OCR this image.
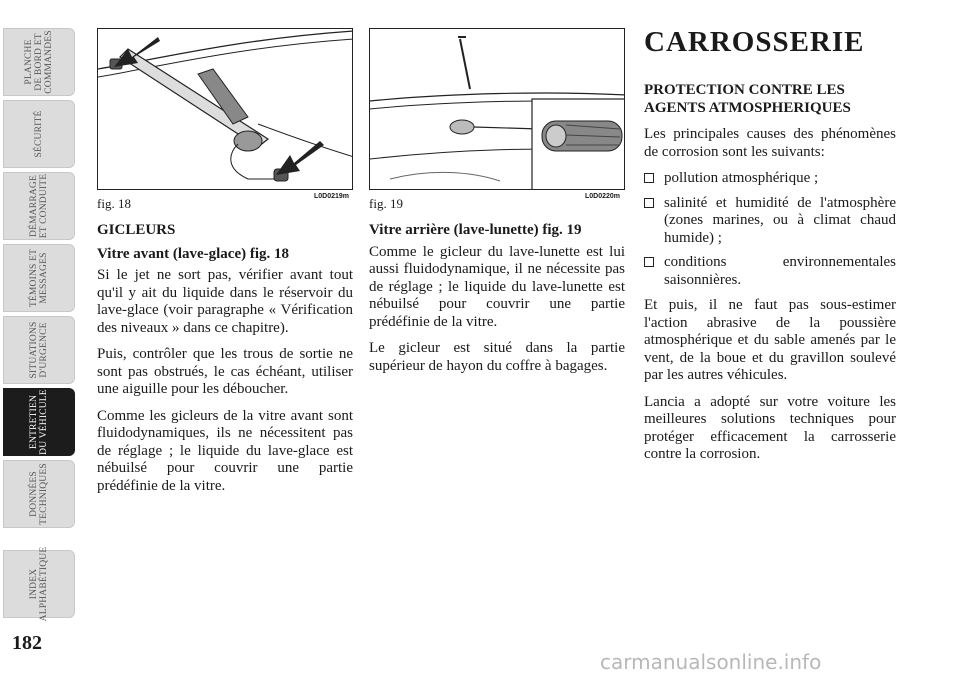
PLANCHE
DE BORD ET
COMMANDES
SÉCURITÉ
DÉMARRAGE
ET CONDUITE
TÉMOINS ET
MESSAGES
SITUATIONS
D'URGENCE
ENTRETIEN
DU VÉHICULE
DONNÉES
TECHNIQUES
INDEX
ALPHABÉTIQUE
182
fig. 18	L0D0219m fig. 19	L0D0220m

GICLEURS

Vitre avant (lave-glace) fig. 18

Si le jet ne sort pas, vérifier avant tout qu'il y ait du liquide dans le réservoir du lave-glace (voir paragraphe « Vérification des niveaux » dans ce chapitre).

Puis, contrôler que les trous de sortie ne sont pas obstrués, le cas échéant, utiliser une aiguille pour les déboucher.

Comme les gicleurs de la vitre avant sont fluidodynamiques, ils ne nécessitent pas de réglage ; le liquide du lave-glace est nébuilsé pour couvrir une partie prédéfinie de la vitre.

Vitre arrière (lave-lunette) fig. 19

Comme le gicleur du lave-lunette est lui aussi fluidodynamique, il ne nécessite pas de réglage ; le liquide du lave-lunette est nébuilsé pour couvrir une partie prédéfinie de la vitre.

Le gicleur est situé dans la partie supérieur de hayon du coffre à bagages.

CARROSSERIE

PROTECTION CONTRE LES AGENTS ATMOSPHERIQUES

Les principales causes des phénomènes de corrosion sont les suivants:

pollution atmosphérique ;
salinité et humidité de l'atmosphère (zones marines, ou à climat chaud humide) ;
conditions environnementales saisonnières.

Et puis, il ne faut pas sous-estimer l'action abrasive de la poussière atmosphérique et du sable amenés par le vent, de la boue et du gravillon soulevé par les autres véhicules.

Lancia a adopté sur votre voiture les meilleures solutions techniques pour protéger efficacement la carrosserie contre la corrosion.

carmanualsonline.info
